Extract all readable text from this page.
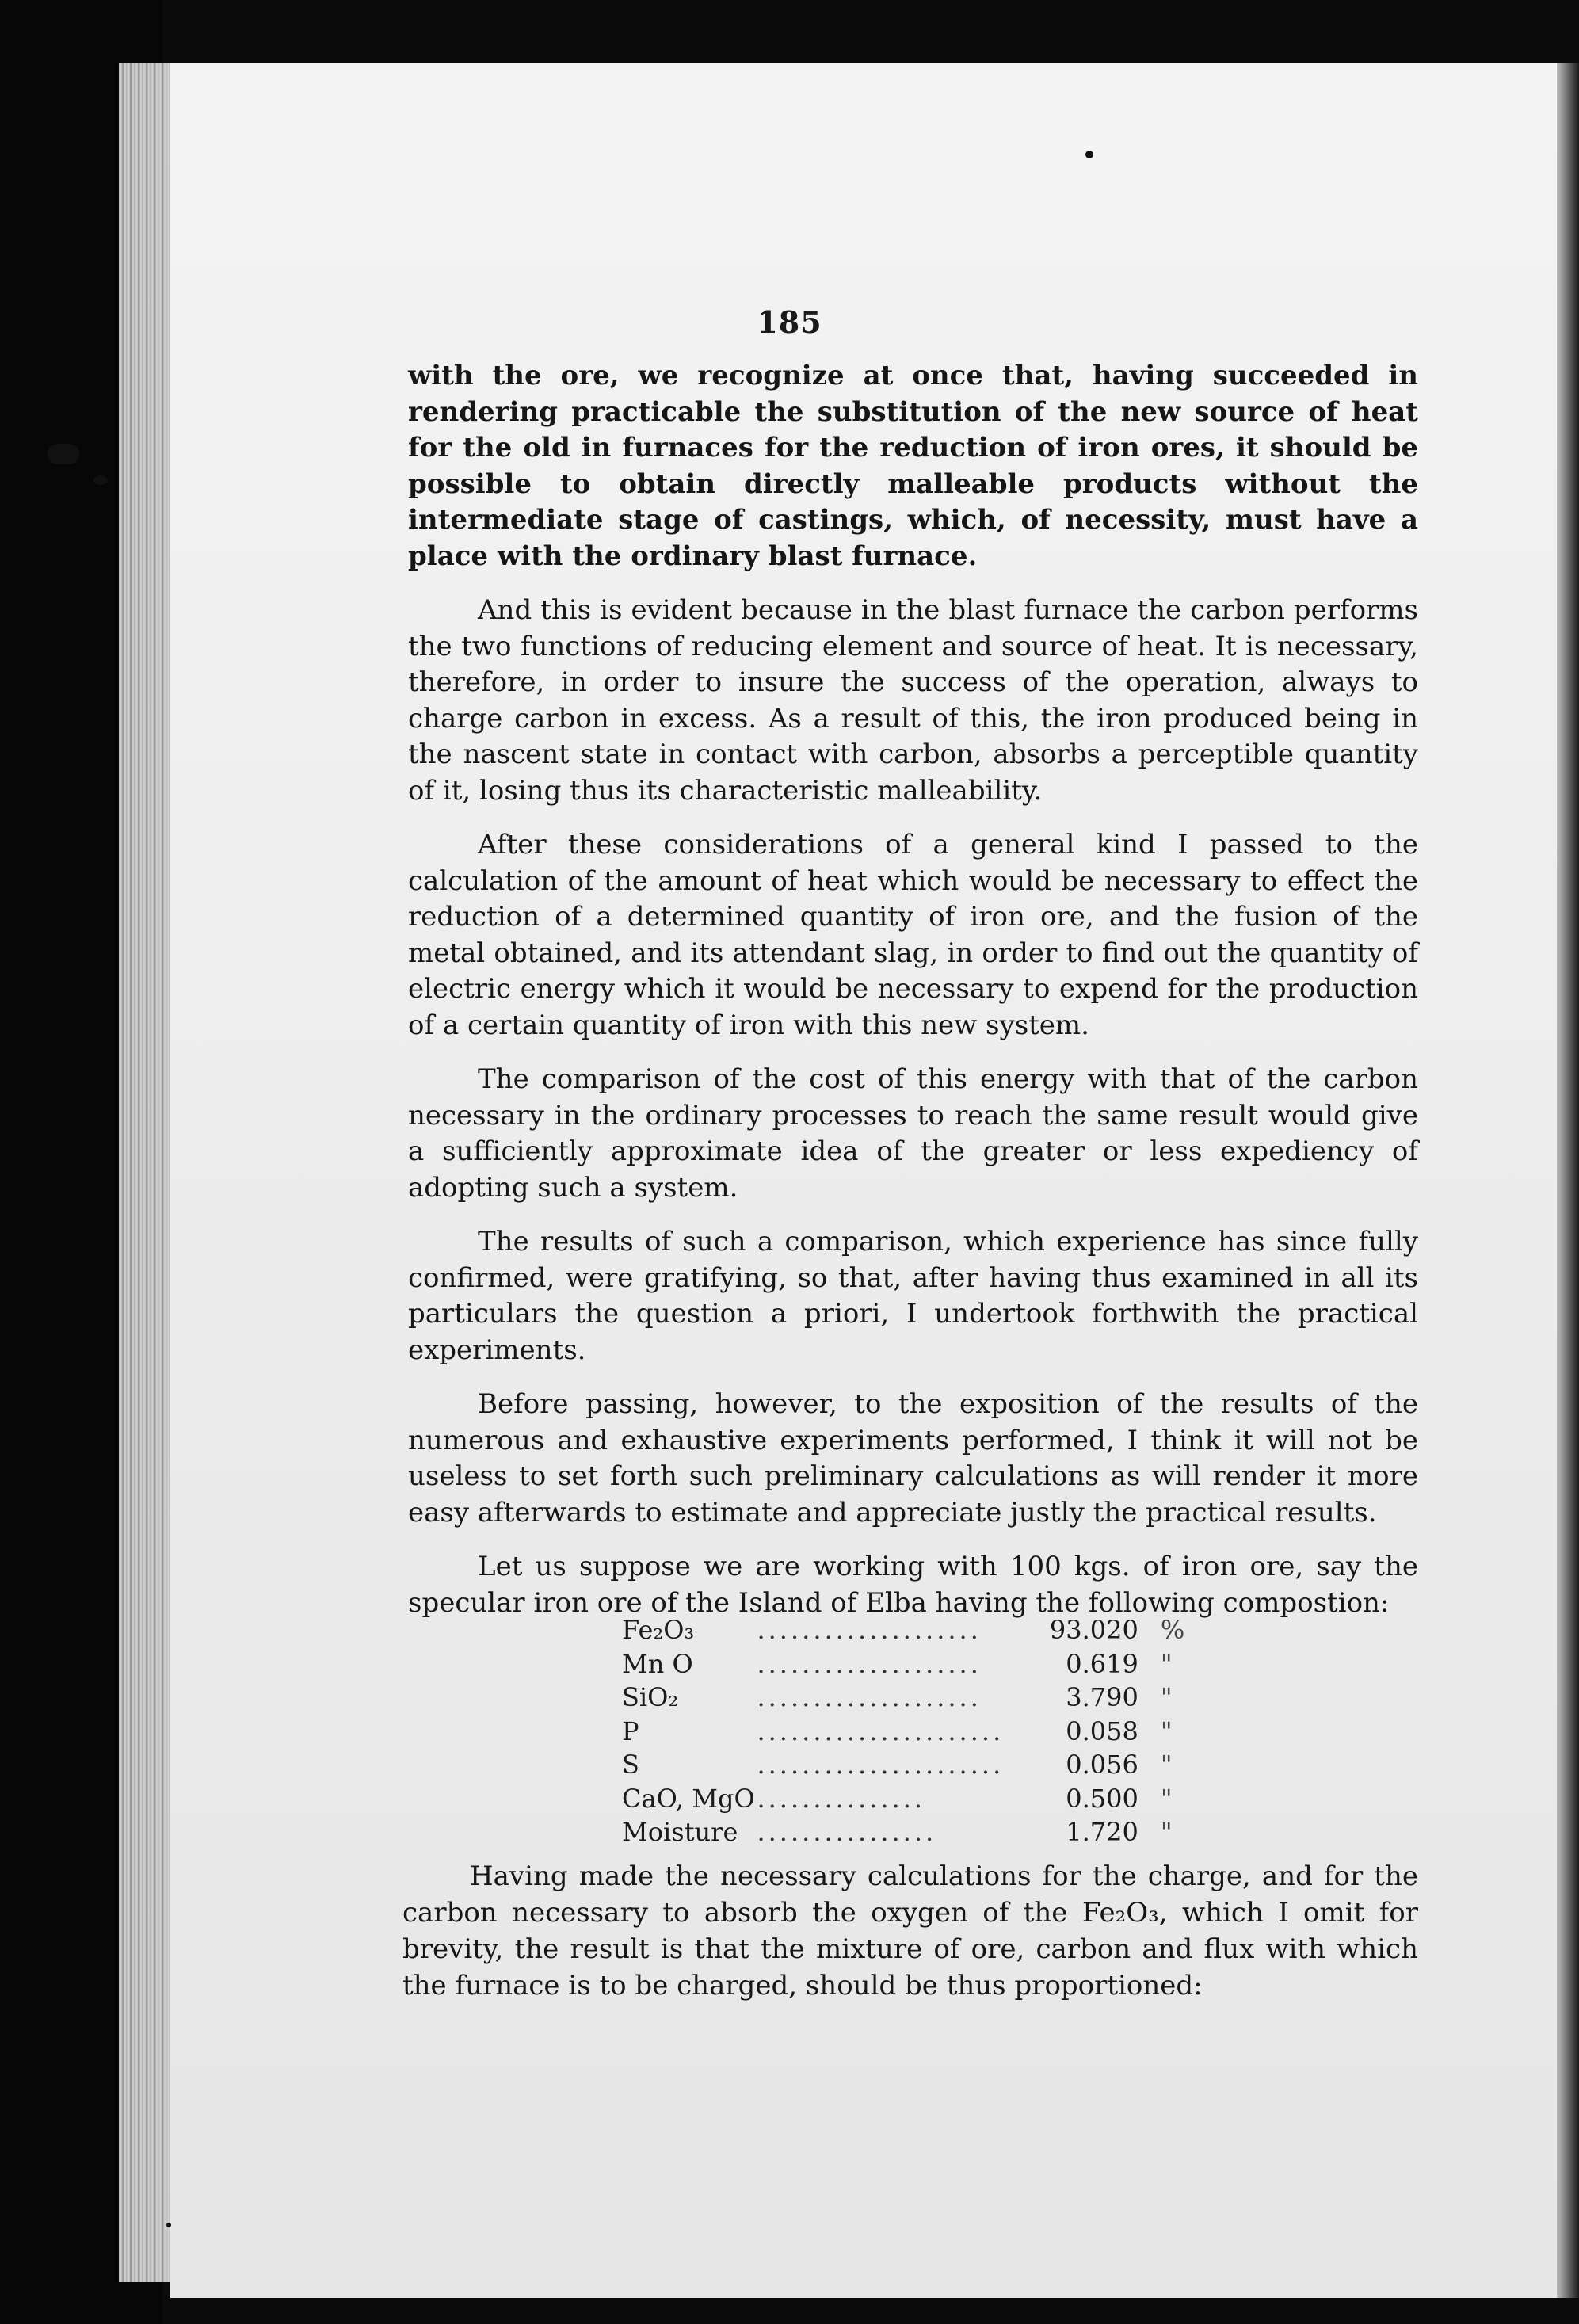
185

with the ore, we recognize at once that, having succeeded in rendering practicable the substitution of the new source of heat for the old in furnaces for the reduction of iron ores, it should be possible to obtain directly malleable products without the intermediate stage of castings, which, of necessity, must have a place with the ordinary blast furnace.

And this is evident because in the blast furnace the carbon performs the two functions of reducing element and source of heat. It is necessary, therefore, in order to insure the success of the operation, always to charge carbon in excess. As a result of this, the iron produced being in the nascent state in contact with carbon, absorbs a perceptible quantity of it, losing thus its characteristic malleability.

After these considerations of a general kind I passed to the calculation of the amount of heat which would be necessary to effect the reduction of a determined quantity of iron ore, and the fusion of the metal obtained, and its attendant slag, in order to find out the quantity of electric energy which it would be necessary to expend for the production of a certain quantity of iron with this new system.

The comparison of the cost of this energy with that of the carbon necessary in the ordinary processes to reach the same result would give a sufficiently approximate idea of the greater or less expediency of adopting such a system.

The results of such a comparison, which experience has since fully confirmed, were gratifying, so that, after having thus examined in all its particulars the question a priori, I undertook forthwith the practical experiments.

Before passing, however, to the exposition of the results of the numerous and exhaustive experiments performed, I think it will not be useless to set forth such preliminary calculations as will render it more easy afterwards to estimate and appreciate justly the practical results.

Let us suppose we are working with 100 kgs. of iron ore, say the specular iron ore of the Island of Elba having the following compostion:

Fe₂O₃	....................	93.020	%
Mn O	....................	0.619	"
SiO₂	....................	3.790	"
P	......................	0.058	"
S	......................	0.056	"
CaO, MgO	...............	0.500	"
Moisture	................	1.720	"

Having made the necessary calculations for the charge, and for the carbon necessary to absorb the oxygen of the Fe₂O₃, which I omit for brevity, the result is that the mixture of ore, carbon and flux with which the furnace is to be charged, should be thus proportioned:
